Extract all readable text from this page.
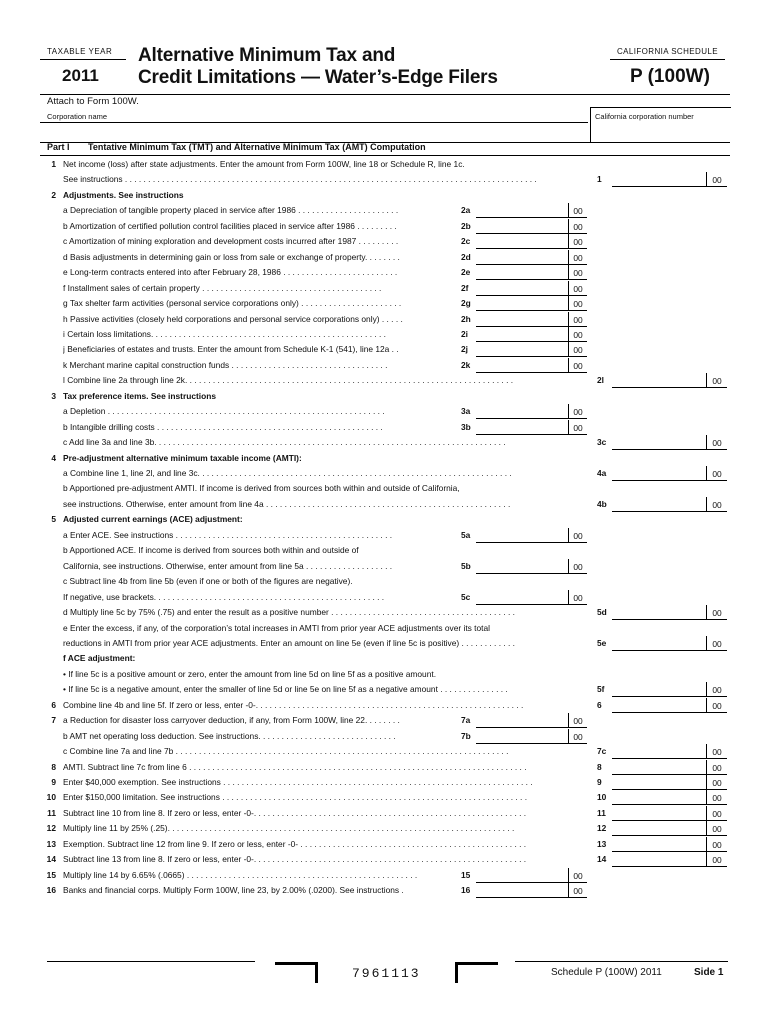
TAXABLE YEAR
2011
Alternative Minimum Tax and
Credit Limitations — Water’s-Edge Filers
CALIFORNIA SCHEDULE
P (100W)
Attach to Form 100W.
Corporation name	California corporation number
Part I Tentative Minimum Tax (TMT) and Alternative Minimum Tax (AMT) Computation
1 Net income (loss) after state adjustments. Enter the amount from Form 100W, line 18 or Schedule R, line 1c.
See instructions . . . . . . . . . . . . . . . . . . . . . . . . . . . . . . . . . . . . . . . . . . . . . . . . . . . . . . . . . . . . . . . . . . . . . . . . . . . . . . . . . . . . . . . . .	1	00
2 Adjustments. See instructions
a Depreciation of tangible property placed in service after 1986 . . . . . . . . . . . . . . . . . . . . . .	2a	00
b Amortization of certified pollution control facilities placed in service after 1986 . . . . . . . . .	2b	00
c Amortization of mining exploration and development costs incurred after 1987 . . . . . . . . .	2c	00
d Basis adjustments in determining gain or loss from sale or exchange of property. . . . . . . .	2d	00
e Long-term contracts entered into after February 28, 1986 . . . . . . . . . . . . . . . . . . . . . . . . .	2e	00
f Installment sales of certain property . . . . . . . . . . . . . . . . . . . . . . . . . . . . . . . . . . . . . . .	2f	00
g Tax shelter farm activities (personal service corporations only) . . . . . . . . . . . . . . . . . . . . . .	2g	00
h Passive activities (closely held corporations and personal service corporations only) . . . . .	2h	00
i Certain loss limitations. . . . . . . . . . . . . . . . . . . . . . . . . . . . . . . . . . . . . . . . . . . . . . . . . . .	2i	00
j Beneficiaries of estates and trusts. Enter the amount from Schedule K-1 (541), line 12a . .	2j	00
k Merchant marine capital construction funds . . . . . . . . . . . . . . . . . . . . . . . . . . . . . . . . . .	2k	00
l Combine line 2a through line 2k. . . . . . . . . . . . . . . . . . . . . . . . . . . . . . . . . . . . . . . . . . . . . . . . . . . . . . . . . . . . . . . . . . . . . . .	2l	00
3 Tax preference items. See instructions
a Depletion . . . . . . . . . . . . . . . . . . . . . . . . . . . . . . . . . . . . . . . . . . . . . . . . . . . . . . . . . . . .	3a	00
b Intangible drilling costs . . . . . . . . . . . . . . . . . . . . . . . . . . . . . . . . . . . . . . . . . . . . . . . . .	3b	00
c Add line 3a and line 3b. . . . . . . . . . . . . . . . . . . . . . . . . . . . . . . . . . . . . . . . . . . . . . . . . . . . . . . . . . . . . . . . . . . . . . . . . . . .	3c	00
4 Pre-adjustment alternative minimum taxable income (AMTI):
a Combine line 1, line 2l, and line 3c. . . . . . . . . . . . . . . . . . . . . . . . . . . . . . . . . . . . . . . . . . . . . . . . . . . . . . . . . . . . . . . . . . . .	4a	00
b Apportioned pre-adjustment AMTI. If income is derived from sources both within and outside of California,
see instructions. Otherwise, enter amount from line 4a . . . . . . . . . . . . . . . . . . . . . . . . . . . . . . . . . . . . . . . . . . . . . . . . . . . . .	4b	00
5 Adjusted current earnings (ACE) adjustment:
a Enter ACE. See instructions . . . . . . . . . . . . . . . . . . . . . . . . . . . . . . . . . . . . . . . . . . . . . . .	5a	00
b Apportioned ACE. If income is derived from sources both within and outside of
California, see instructions. Otherwise, enter amount from line 5a . . . . . . . . . . . . . . . . . . .	5b	00
c Subtract line 4b from line 5b (even if one or both of the figures are negative).
If negative, use brackets. . . . . . . . . . . . . . . . . . . . . . . . . . . . . . . . . . . . . . . . . . . . . . . . . .	5c	00
d Multiply line 5c by 75% (.75) and enter the result as a positive number . . . . . . . . . . . . . . . . . . . . . . . . . . . . . . . . . . . . . . . .	5d	00
e Enter the excess, if any, of the corporation’s total increases in AMTI from prior year ACE adjustments over its total
reductions in AMTI from prior year ACE adjustments. Enter an amount on line 5e (even if line 5c is positive) . . . . . . . . . . . .	5e	00
f ACE adjustment:
• If line 5c is a positive amount or zero, enter the amount from line 5d on line 5f as a positive amount.
• If line 5c is a negative amount, enter the smaller of line 5d or line 5e on line 5f as a negative amount . . . . . . . . . . . . . . .	5f	00
6 Combine line 4b and line 5f. If zero or less, enter -0-. . . . . . . . . . . . . . . . . . . . . . . . . . . . . . . . . . . . . . . . . . . . . . . . . . . . . . . . . .	6	00
7 a Reduction for disaster loss carryover deduction, if any, from Form 100W, line 22. . . . . . . .	7a	00
b AMT net operating loss deduction. See instructions. . . . . . . . . . . . . . . . . . . . . . . . . . . . . .	7b	00
c Combine line 7a and line 7b . . . . . . . . . . . . . . . . . . . . . . . . . . . . . . . . . . . . . . . . . . . . . . . . . . . . . . . . . . . . . . . . . . . . . . . .	7c	00
8 AMTI. Subtract line 7c from line 6 . . . . . . . . . . . . . . . . . . . . . . . . . . . . . . . . . . . . . . . . . . . . . . . . . . . . . . . . . . . . . . . . . . . . . . . . .	8	00
9 Enter $40,000 exemption. See instructions . . . . . . . . . . . . . . . . . . . . . . . . . . . . . . . . . . . . . . . . . . . . . . . . . . . . . . . . . . . . . . . . . . .	9	00
10 Enter $150,000 limitation. See instructions . . . . . . . . . . . . . . . . . . . . . . . . . . . . . . . . . . . . . . . . . . . . . . . . . . . . . . . . . . . . . . . . . .	10	00
11 Subtract line 10 from line 8. If zero or less, enter -0-. . . . . . . . . . . . . . . . . . . . . . . . . . . . . . . . . . . . . . . . . . . . . . . . . . . . . . . . . . .	11	00
12 Multiply line 11 by 25% (.25). . . . . . . . . . . . . . . . . . . . . . . . . . . . . . . . . . . . . . . . . . . . . . . . . . . . . . . . . . . . . . . . . . . . . . . . . . .	12	00
13 Exemption. Subtract line 12 from line 9. If zero or less, enter -0- . . . . . . . . . . . . . . . . . . . . . . . . . . . . . . . . . . . . . . . . . . . . . . . . .	13	00
14 Subtract line 13 from line 8. If zero or less, enter -0-. . . . . . . . . . . . . . . . . . . . . . . . . . . . . . . . . . . . . . . . . . . . . . . . . . . . . . . . . . .	14	00
15 Multiply line 14 by 6.65% (.0665) . . . . . . . . . . . . . . . . . . . . . . . . . . . . . . . . . . . . . . . . . . . . . . . . . .	15	00
16 Banks and financial corps. Multiply Form 100W, line 23, by 2.00% (.0200). See instructions .	16	00
7961113	Schedule P (100W) 2011	Side 1
